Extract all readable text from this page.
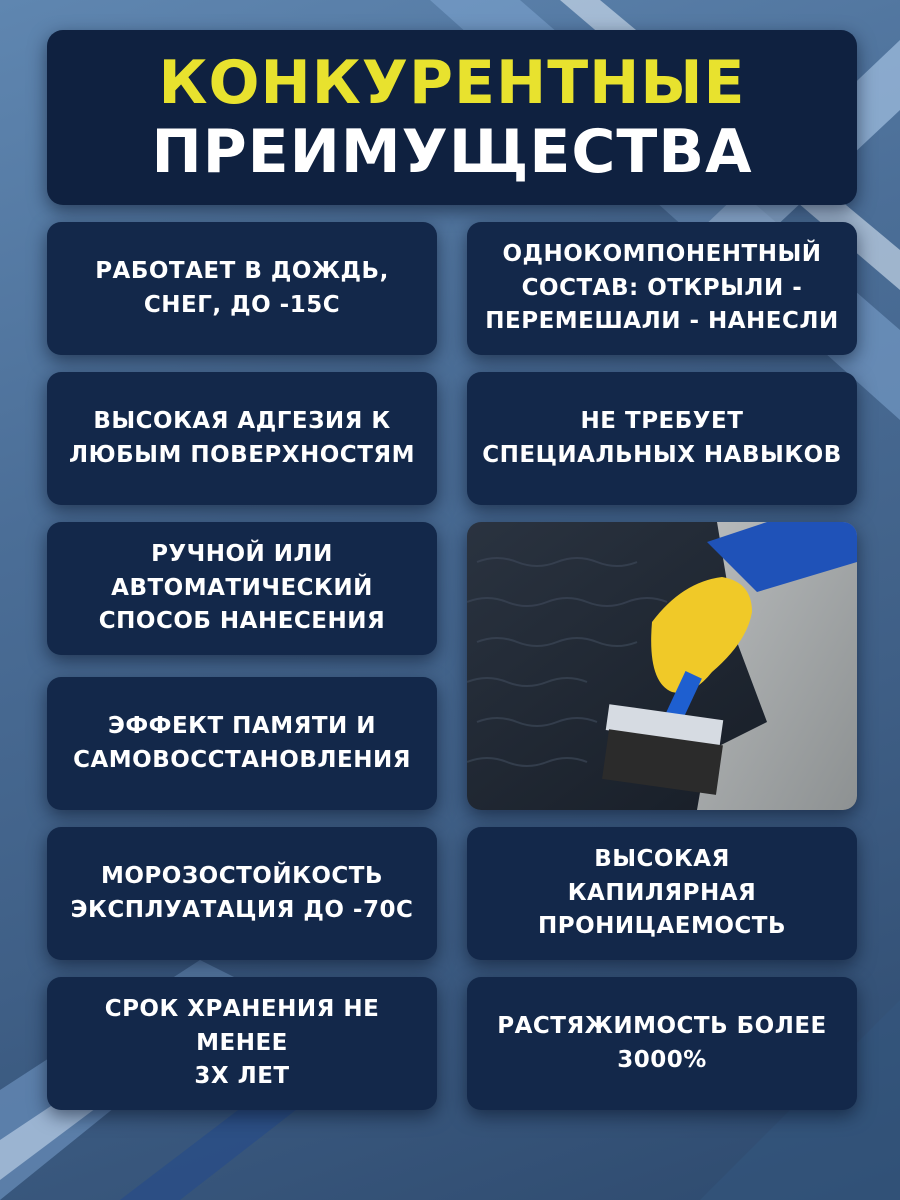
КОНКУРЕНТНЫЕ
ПРЕИМУЩЕСТВА
РАБОТАЕТ В ДОЖДЬ,
СНЕГ, ДО -15С
ВЫСОКАЯ АДГЕЗИЯ К
ЛЮБЫМ ПОВЕРХНОСТЯМ
РУЧНОЙ ИЛИ
АВТОМАТИЧЕСКИЙ
СПОСОБ НАНЕСЕНИЯ
ЭФФЕКТ ПАМЯТИ И
САМОВОССТАНОВЛЕНИЯ
МОРОЗОСТОЙКОСТЬ
ЭКСПЛУАТАЦИЯ ДО -70С
СРОК ХРАНЕНИЯ НЕ МЕНЕЕ
3Х ЛЕТ
ОДНОКОМПОНЕНТНЫЙ
СОСТАВ: ОТКРЫЛИ -
ПЕРЕМЕШАЛИ - НАНЕСЛИ
НЕ ТРЕБУЕТ
СПЕЦИАЛЬНЫХ НАВЫКОВ
ВЫСОКАЯ
КАПИЛЯРНАЯ
ПРОНИЦАЕМОСТЬ
РАСТЯЖИМОСТЬ БОЛЕЕ
3000%
